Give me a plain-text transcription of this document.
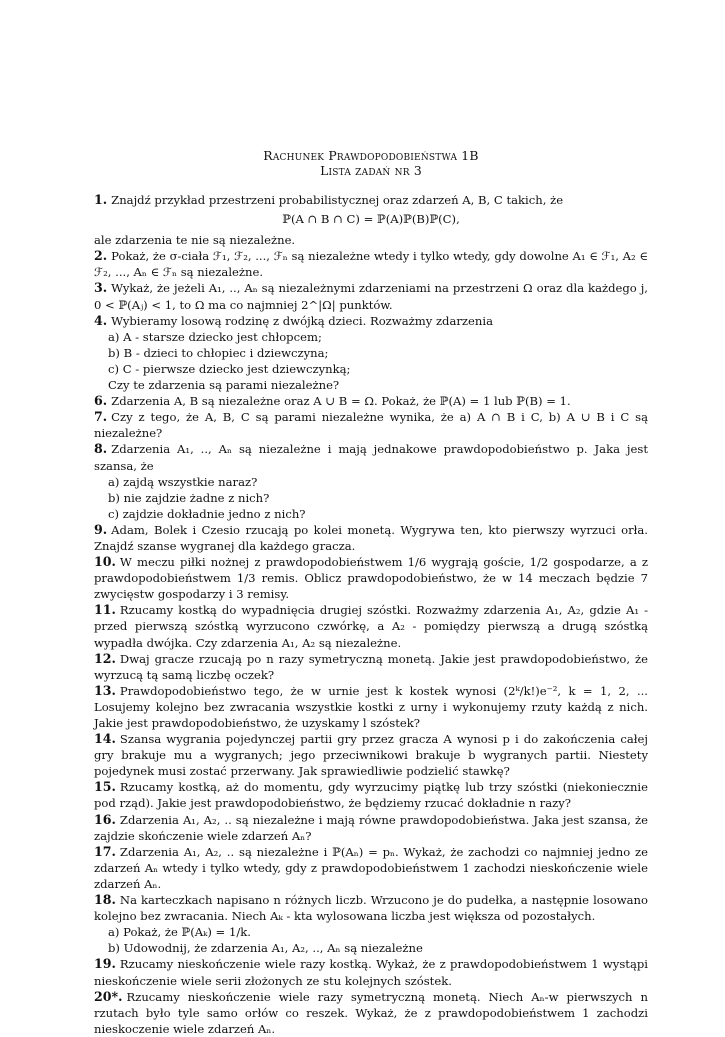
Rachunek Prawdopodobieństwa 1B
Lista zadań nr 3
1. Znajdź przykład przestrzeni probabilistycznej oraz zdarzeń A, B, C takich, że
ℙ(A ∩ B ∩ C) = ℙ(A)ℙ(B)ℙ(C),
ale zdarzenia te nie są niezależne.
2. Pokaż, że σ-ciała ℱ₁, ℱ₂, ..., ℱₙ są niezależne wtedy i tylko wtedy, gdy dowolne A₁ ∈ ℱ₁, A₂ ∈ ℱ₂, ..., Aₙ ∈ ℱₙ są niezależne.
3. Wykaż, że jeżeli A₁, .., Aₙ są niezależnymi zdarzeniami na przestrzeni Ω oraz dla każdego j, 0 < ℙ(Aⱼ) < 1, to Ω ma co najmniej 2^|Ω| punktów.
4. Wybieramy losową rodzinę z dwójką dzieci. Rozważmy zdarzenia
a) A - starsze dziecko jest chłopcem;
b) B - dzieci to chłopiec i dziewczyna;
c) C - pierwsze dziecko jest dziewczynką;
Czy te zdarzenia są parami niezależne?
6. Zdarzenia A, B są niezależne oraz A ∪ B = Ω. Pokaż, że ℙ(A) = 1 lub ℙ(B) = 1.
7. Czy z tego, że A, B, C są parami niezależne wynika, że a) A ∩ B i C, b) A ∪ B i C są niezależne?
8. Zdarzenia A₁, .., Aₙ są niezależne i mają jednakowe prawdopodobieństwo p. Jaka jest szansa, że
a) zajdą wszystkie naraz?
b) nie zajdzie żadne z nich?
c) zajdzie dokładnie jedno z nich?
9. Adam, Bolek i Czesio rzucają po kolei monetą. Wygrywa ten, kto pierwszy wyrzuci orła. Znajdź szanse wygranej dla każdego gracza.
10. W meczu piłki nożnej z prawdopodobieństwem 1/6 wygrają goście, 1/2 gospodarze, a z prawdopodobieństwem 1/3 remis. Oblicz prawdopodobieństwo, że w 14 meczach będzie 7 zwycięstw gospodarzy i 3 remisy.
11. Rzucamy kostką do wypadnięcia drugiej szóstki. Rozważmy zdarzenia A₁, A₂, gdzie A₁ - przed pierwszą szóstką wyrzucono czwórkę, a A₂ - pomiędzy pierwszą a drugą szóstką wypadła dwójka. Czy zdarzenia A₁, A₂ są niezależne.
12. Dwaj gracze rzucają po n razy symetryczną monetą. Jakie jest prawdopodobieństwo, że wyrzucą tą samą liczbę oczek?
13. Prawdopodobieństwo tego, że w urnie jest k kostek wynosi (2ᵏ/k!)e⁻², k = 1, 2, ... Losujemy kolejno bez zwracania wszystkie kostki z urny i wykonujemy rzuty każdą z nich. Jakie jest prawdopodobieństwo, że uzyskamy l szóstek?
14. Szansa wygrania pojedynczej partii gry przez gracza A wynosi p i do zakończenia całej gry brakuje mu a wygranych; jego przeciwnikowi brakuje b wygranych partii. Niestety pojedynek musi zostać przerwany. Jak sprawiedliwie podzielić stawkę?
15. Rzucamy kostką, aż do momentu, gdy wyrzucimy piątkę lub trzy szóstki (niekoniecznie pod rząd). Jakie jest prawdopodobieństwo, że będziemy rzucać dokładnie n razy?
16. Zdarzenia A₁, A₂, .. są niezależne i mają równe prawdopodobieństwa. Jaka jest szansa, że zajdzie skończenie wiele zdarzeń Aₙ?
17. Zdarzenia A₁, A₂, .. są niezależne i ℙ(Aₙ) = pₙ. Wykaż, że zachodzi co najmniej jedno ze zdarzeń Aₙ wtedy i tylko wtedy, gdy z prawdopodobieństwem 1 zachodzi nieskończenie wiele zdarzeń Aₙ.
18. Na karteczkach napisano n różnych liczb. Wrzucono je do pudełka, a następnie losowano kolejno bez zwracania. Niech Aₖ - kta wylosowana liczba jest większa od pozostałych.
a) Pokaż, że ℙ(Aₖ) = 1/k.
b) Udowodnij, że zdarzenia A₁, A₂, .., Aₙ są niezależne
19. Rzucamy nieskończenie wiele razy kostką. Wykaż, że z prawdopodobieństwem 1 wystąpi nieskończenie wiele serii złożonych ze stu kolejnych szóstek.
20*. Rzucamy nieskończenie wiele razy symetryczną monetą. Niech Aₙ-w pierwszych n rzutach było tyle samo orłów co reszek. Wykaż, że z prawdopodobieństwem 1 zachodzi nieskoczenie wiele zdarzeń Aₙ.
